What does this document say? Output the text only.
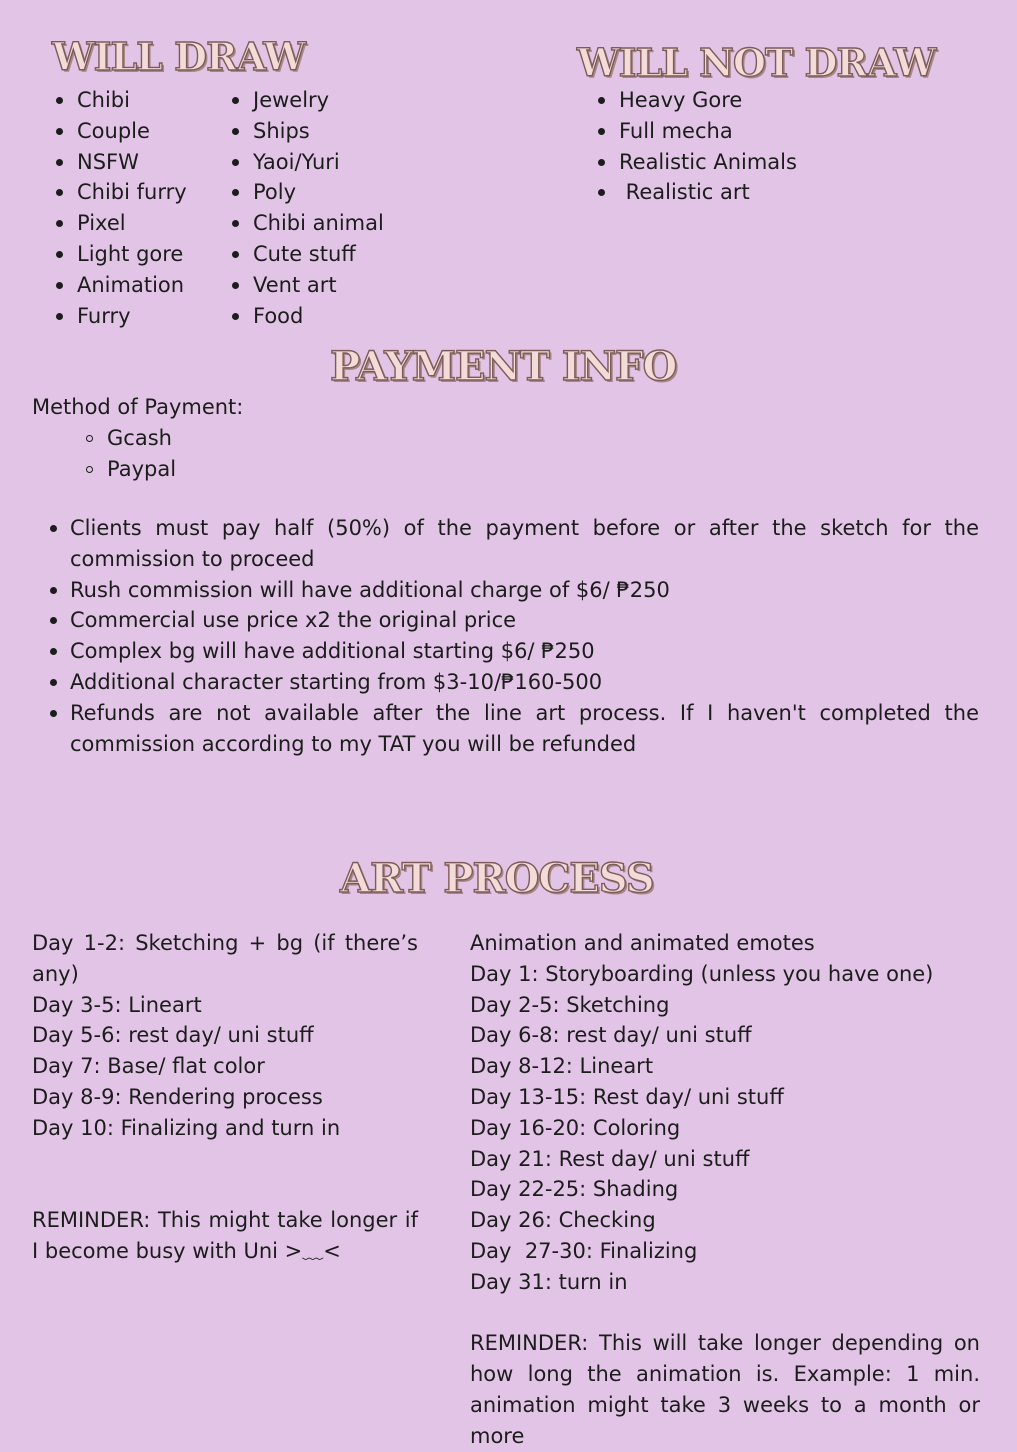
WILL DRAW
Chibi
Couple
NSFW
Chibi furry
Pixel
Light gore
Animation
Furry
Jewelry
Ships
Yaoi/Yuri
Poly
Chibi animal
Cute stuff
Vent art
Food
WILL NOT DRAW
Heavy Gore
Full mecha
Realistic Animals
Realistic art
PAYMENT INFO

Method of Payment:

Gcash
Paypal
Clients must pay half (50%) of the payment before or after the sketch for the commission to proceed
Rush commission will have additional charge of $6/ ₱250
Commercial use price x2 the original price
Complex bg will have additional starting $6/ ₱250
Additional character starting from $3-10/₱160-500
Refunds are not available after the line art process. If I haven't completed the commission according to my TAT you will be refunded
ART PROCESS
Day 1-2: Sketching + bg (if there’s any)
Day 3-5: Lineart
Day 5-6: rest day/ uni stuff
Day 7: Base/ flat color
Day 8-9: Rendering process
Day 10: Finalizing and turn in
REMINDER: This might take longer if I become busy with Uni >﹏<
Animation and animated emotes
Day 1: Storyboarding (unless you have one)
Day 2-5: Sketching
Day 6-8: rest day/ uni stuff
Day 8-12: Lineart
Day 13-15: Rest day/ uni stuff
Day 16-20: Coloring
Day 21: Rest day/ uni stuff
Day 22-25: Shading
Day 26: Checking
Day  27-30: Finalizing
Day 31: turn in
REMINDER: This will take longer depending on how long the animation is. Example: 1 min. animation might take 3 weeks to a month or more
